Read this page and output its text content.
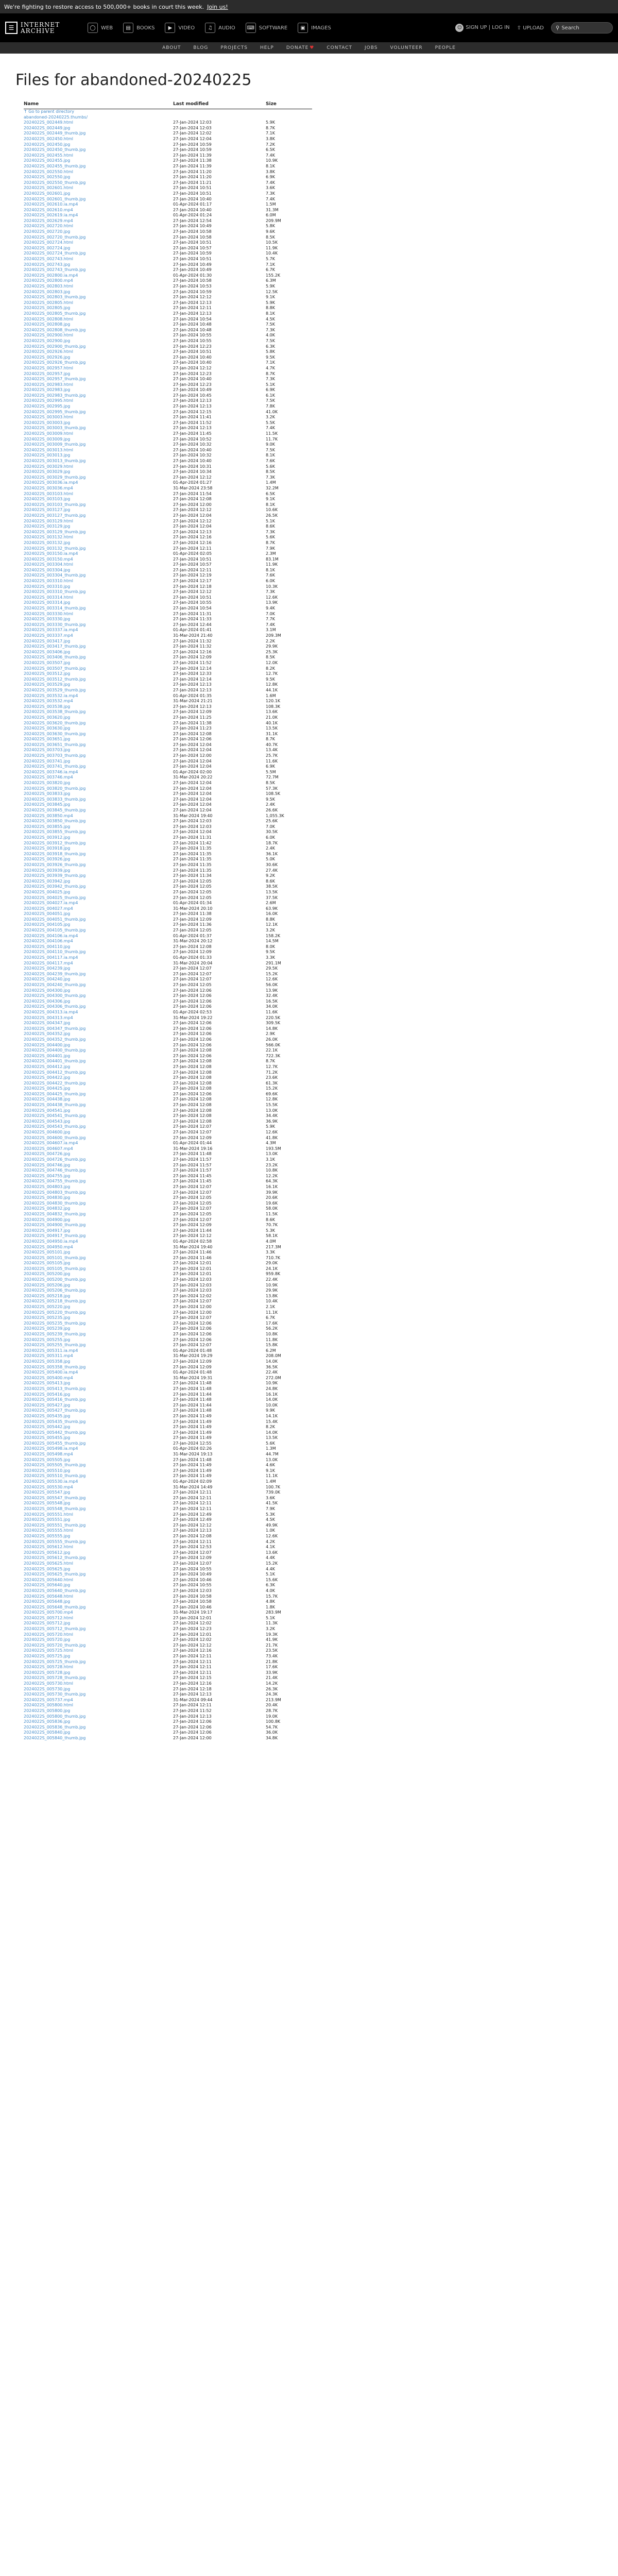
We're fighting to restore access to 500,000+ books in court this week. Join us!
☰	INTERNET
ARCHIVE	◯	WEB	▤	BOOKS	▶	VIDEO	♫	AUDIO ⌨ SOFTWARE	▣	IMAGES	☺ SIGN UP | LOG IN ⇧ UPLOAD ⚲ Search
ABOUT	BLOG	PROJECTS	HELP	DONATE ♥	CONTACT	JOBS	VOLUNTEER	PEOPLE
Files for abandoned-20240225
Name	Last modified	Size
↑ Go to parent directory		
abandoned-20240225.thumbs/		
2024022S_002449.html	27-Jan-2024 12:03	5.9K
2024022S_002449.jpg	27-Jan-2024 12:03	8.7K
2024022S_002449_thumb.jpg	27-Jan-2024 12:02	7.1K
2024022S_002450.html	27-Jan-2024 12:04	3.8K
2024022S_002450.jpg	27-Jan-2024 10:59	7.2K
2024022S_002450_thumb.jpg	27-Jan-2024 10:59	6.5K
2024022S_002455.html	27-Jan-2024 11:39	7.4K
2024022S_002455.jpg	27-Jan-2024 11:38	10.9K
2024022S_002455_thumb.jpg	27-Jan-2024 11:39	8.1K
2024022S_002550.html	27-Jan-2024 11:20	3.8K
2024022S_002550.jpg	27-Jan-2024 11:20	6.9K
2024022S_002550_thumb.jpg	27-Jan-2024 11:21	7.4K
2024022S_002601.html	27-Jan-2024 10:51	3.6K
2024022S_002601.jpg	27-Jan-2024 10:51	7.3K
2024022S_002601_thumb.jpg	27-Jan-2024 10:40	7.4K
2024022S_002610.ia.mp4	01-Apr-2024 01:17	1.5M
2024022S_002610.mp4	27-Jan-2024 10:40	31.3M
2024022S_002619.ia.mp4	01-Apr-2024 01:24	6.0M
2024022S_002629.mp4	27-Jan-2024 12:54	209.9M
2024022S_002720.html	27-Jan-2024 10:49	5.8K
2024022S_002720.jpg	27-Jan-2024 10:58	9.6K
2024022S_002720_thumb.jpg	27-Jan-2024 10:58	8.5K
2024022S_002724.html	27-Jan-2024 10:51	10.5K
2024022S_002724.jpg	27-Jan-2024 10:57	11.9K
2024022S_002724_thumb.jpg	27-Jan-2024 10:59	10.4K
2024022S_002743.html	27-Jan-2024 10:51	5.7K
2024022S_002743.jpg	27-Jan-2024 10:49	7.1K
2024022S_002743_thumb.jpg	27-Jan-2024 10:49	6.7K
2024022S_002800.ia.mp4	01-Apr-2024 01:30	155.2K
2024022S_002800.mp4	27-Jan-2024 10:58	6.3M
2024022S_002803.html	27-Jan-2024 10:53	5.9K
2024022S_002803.jpg	27-Jan-2024 10:59	12.5K
2024022S_002803_thumb.jpg	27-Jan-2024 12:12	9.1K
2024022S_002805.html	27-Jan-2024 12:13	5.9K
2024022S_002805.jpg	27-Jan-2024 12:11	8.8K
2024022S_002805_thumb.jpg	27-Jan-2024 12:13	8.1K
2024022S_002808.html	27-Jan-2024 10:54	4.5K
2024022S_002808.jpg	27-Jan-2024 10:48	7.5K
2024022S_002808_thumb.jpg	27-Jan-2024 10:48	7.3K
2024022S_002900.html	27-Jan-2024 10:55	4.0K
2024022S_002900.jpg	27-Jan-2024 10:55	7.5K
2024022S_002900_thumb.jpg	27-Jan-2024 12:23	6.3K
2024022S_002926.html	27-Jan-2024 10:51	5.8K
2024022S_002926.jpg	27-Jan-2024 10:40	9.5K
2024022S_002926_thumb.jpg	27-Jan-2024 10:40	7.1K
2024022S_002957.html	27-Jan-2024 12:12	4.7K
2024022S_002957.jpg	27-Jan-2024 12:23	8.7K
2024022S_002957_thumb.jpg	27-Jan-2024 10:40	7.3K
2024022S_002983.html	27-Jan-2024 12:23	5.1K
2024022S_002983.jpg	27-Jan-2024 10:49	6.9K
2024022S_002983_thumb.jpg	27-Jan-2024 10:45	6.1K
2024022S_002995.html	27-Jan-2024 12:13	7.5K
2024022S_002995.jpg	27-Jan-2024 12:13	7.8K
2024022S_002995_thumb.jpg	27-Jan-2024 12:15	41.0K
2024022S_003003.html	27-Jan-2024 11:41	3.2K
2024022S_003003.jpg	27-Jan-2024 11:52	5.5K
2024022S_003003_thumb.jpg	27-Jan-2024 12:13	7.4K
2024022S_003009.html	27-Jan-2024 11:45	11.5K
2024022S_003009.jpg	27-Jan-2024 10:52	11.7K
2024022S_003009_thumb.jpg	27-Jan-2024 10:32	9.0K
2024022S_003013.html	27-Jan-2024 10:40	7.5K
2024022S_003013.jpg	27-Jan-2024 10:32	8.1K
2024022S_003013_thumb.jpg	27-Jan-2024 10:40	7.6K
2024022S_003029.html	27-Jan-2024 10:31	5.6K
2024022S_003029.jpg	27-Jan-2024 10:34	8.5K
2024022S_003029_thumb.jpg	27-Jan-2024 12:12	7.3K
2024022S_003036.ia.mp4	01-Apr-2024 01:27	1.4M
2024022S_003036.mp4	31-Mar-2024 23:58	32.2M
2024022S_003103.html	27-Jan-2024 11:54	6.5K
2024022S_003103.jpg	27-Jan-2024 12:08	9.1K
2024022S_003103_thumb.jpg	27-Jan-2024 12:00	8.1K
2024022S_003127.jpg	27-Jan-2024 12:12	10.6K
2024022S_003127_thumb.jpg	27-Jan-2024 12:04	26.5K
2024022S_003129.html	27-Jan-2024 12:12	5.1K
2024022S_003129.jpg	27-Jan-2024 12:04	8.6K
2024022S_003129_thumb.jpg	27-Jan-2024 12:13	7.3K
2024022S_003132.html	27-Jan-2024 12:16	5.6K
2024022S_003132.jpg	27-Jan-2024 12:16	8.7K
2024022S_003132_thumb.jpg	27-Jan-2024 12:11	7.9K
2024022S_003150.ia.mp4	01-Apr-2024 02:05	2.3M
2024022S_003150.mp4	27-Jan-2024 10:51	83.1M
2024022S_003304.html	27-Jan-2024 10:57	11.9K
2024022S_003304.jpg	27-Jan-2024 12:11	8.1K
2024022S_003304_thumb.jpg	27-Jan-2024 12:19	7.6K
2024022S_003310.html	27-Jan-2024 12:17	6.0K
2024022S_003310.jpg	27-Jan-2024 12:18	10.3K
2024022S_003310_thumb.jpg	27-Jan-2024 12:12	7.3K
2024022S_003314.html	27-Jan-2024 10:51	12.6K
2024022S_003314.jpg	27-Jan-2024 10:55	13.9K
2024022S_003314_thumb.jpg	27-Jan-2024 10:54	9.4K
2024022S_003330.html	27-Jan-2024 11:31	7.0K
2024022S_003330.jpg	27-Jan-2024 11:33	7.7K
2024022S_003330_thumb.jpg	27-Jan-2024 12:44	7.4K
2024022S_003337.ia.mp4	01-Apr-2024 01:41	3.1M
2024022S_003337.mp4	31-Mar-2024 21:40	209.3M
2024022S_003417.jpg	27-Jan-2024 11:32	2.2K
2024022S_003417_thumb.jpg	27-Jan-2024 11:32	29.9K
2024022S_003406.jpg	27-Jan-2024 12:16	25.3K
2024022S_003406_thumb.jpg	27-Jan-2024 12:09	8.5K
2024022S_003507.jpg	27-Jan-2024 11:52	12.0K
2024022S_003507_thumb.jpg	27-Jan-2024 12:14	8.2K
2024022S_003512.jpg	27-Jan-2024 12:33	12.7K
2024022S_003512_thumb.jpg	27-Jan-2024 12:14	9.5K
2024022S_003529.jpg	27-Jan-2024 12:13	12.8K
2024022S_003529_thumb.jpg	27-Jan-2024 12:13	44.1K
2024022S_003532.ia.mp4	01-Apr-2024 01:35	1.6M
2024022S_003532.mp4	31-Mar-2024 21:21	120.1K
2024022S_003538.jpg	27-Jan-2024 12:13	108.3K
2024022S_003538_thumb.jpg	27-Jan-2024 12:09	13.6K
2024022S_003620.jpg	27-Jan-2024 11:25	21.0K
2024022S_003620_thumb.jpg	27-Jan-2024 11:38	40.1K
2024022S_003630.jpg	27-Jan-2024 11:23	13.5K
2024022S_003630_thumb.jpg	27-Jan-2024 12:08	31.1K
2024022S_003651.jpg	27-Jan-2024 12:06	8.7K
2024022S_003651_thumb.jpg	27-Jan-2024 12:04	40.7K
2024022S_003703.jpg	27-Jan-2024 12:04	13.4K
2024022S_003703_thumb.jpg	27-Jan-2024 12:00	25.7K
2024022S_003741.jpg	27-Jan-2024 12:04	11.6K
2024022S_003741_thumb.jpg	27-Jan-2024 12:04	6.9K
2024022S_003746.ia.mp4	01-Apr-2024 02:00	5.5M
2024022S_003746.mp4	31-Mar-2024 20:22	72.7M
2024022S_003820.jpg	27-Jan-2024 12:04	8.5K
2024022S_003820_thumb.jpg	27-Jan-2024 12:04	57.3K
2024022S_003833.jpg	27-Jan-2024 12:04	108.5K
2024022S_003833_thumb.jpg	27-Jan-2024 12:04	9.5K
2024022S_003845.jpg	27-Jan-2024 12:04	2.4K
2024022S_003845_thumb.jpg	27-Jan-2024 12:04	26.6K
2024022S_003850.mp4	31-Mar-2024 19:40	1,055.3K
2024022S_003850_thumb.jpg	27-Jan-2024 12:03	25.6K
2024022S_003855.jpg	27-Jan-2024 12:03	7.0K
2024022S_003855_thumb.jpg	27-Jan-2024 12:04	30.5K
2024022S_003912.jpg	27-Jan-2024 11:31	6.0K
2024022S_003912_thumb.jpg	27-Jan-2024 11:42	18.7K
2024022S_003918.jpg	27-Jan-2024 11:35	2.4K
2024022S_003918_thumb.jpg	27-Jan-2024 11:35	36.1K
2024022S_003926.jpg	27-Jan-2024 11:35	5.0K
2024022S_003926_thumb.jpg	27-Jan-2024 11:35	30.6K
2024022S_003939.jpg	27-Jan-2024 11:35	27.4K
2024022S_003939_thumb.jpg	27-Jan-2024 11:34	9.2K
2024022S_003942.jpg	27-Jan-2024 12:05	8.6K
2024022S_003942_thumb.jpg	27-Jan-2024 12:05	38.5K
2024022S_004025.jpg	27-Jan-2024 12:05	13.5K
2024022S_004025_thumb.jpg	27-Jan-2024 12:05	37.5K
2024022S_004027.ia.mp4	01-Apr-2024 01:34	2.6M
2024022S_004027.mp4	31-Mar-2024 20:10	63.9K
2024022S_004051.jpg	27-Jan-2024 11:38	16.0K
2024022S_004051_thumb.jpg	27-Jan-2024 12:09	8.8K
2024022S_004105.jpg	27-Jan-2024 11:36	12.1K
2024022S_004105_thumb.jpg	27-Jan-2024 12:05	3.2K
2024022S_004106.ia.mp4	01-Apr-2024 01:37	158.2K
2024022S_004106.mp4	31-Mar-2024 20:12	14.5M
2024022S_004110.jpg	27-Jan-2024 12:08	8.0K
2024022S_004110_thumb.jpg	27-Jan-2024 12:09	9.5K
2024022S_004117.ia.mp4	01-Apr-2024 01:33	3.3K
2024022S_004117.mp4	31-Mar-2024 20:04	291.1M
2024022S_004239.jpg	27-Jan-2024 12:07	29.5K
2024022S_004239_thumb.jpg	27-Jan-2024 12:07	15.2K
2024022S_004240.jpg	27-Jan-2024 12:07	12.6K
2024022S_004240_thumb.jpg	27-Jan-2024 12:05	56.0K
2024022S_004300.jpg	27-Jan-2024 12:06	13.9K
2024022S_004300_thumb.jpg	27-Jan-2024 12:06	32.4K
2024022S_004306.jpg	27-Jan-2024 12:06	16.5K
2024022S_004306_thumb.jpg	27-Jan-2024 12:06	34.0K
2024022S_004313.ia.mp4	01-Apr-2024 02:53	11.6K
2024022S_004313.mp4	31-Mar-2024 19:22	220.5K
2024022S_004347.jpg	27-Jan-2024 12:06	309.5K
2024022S_004347_thumb.jpg	27-Jan-2024 12:06	14.8K
2024022S_004352.jpg	27-Jan-2024 12:06	2.9K
2024022S_004352_thumb.jpg	27-Jan-2024 12:06	26.0K
2024022S_004400.jpg	27-Jan-2024 12:06	566.0K
2024022S_004400_thumb.jpg	27-Jan-2024 12:08	22.1K
2024022S_004401.jpg	27-Jan-2024 12:06	722.3K
2024022S_004401_thumb.jpg	27-Jan-2024 12:08	8.7K
2024022S_004412.jpg	27-Jan-2024 12:08	12.7K
2024022S_004412_thumb.jpg	27-Jan-2024 12:08	71.2K
2024022S_004422.jpg	27-Jan-2024 12:08	23.6K
2024022S_004422_thumb.jpg	27-Jan-2024 12:08	61.3K
2024022S_004425.jpg	27-Jan-2024 12:08	15.2K
2024022S_004425_thumb.jpg	27-Jan-2024 12:06	69.6K
2024022S_004438.jpg	27-Jan-2024 12:08	12.8K
2024022S_004438_thumb.jpg	27-Jan-2024 12:08	15.5K
2024022S_004541.jpg	27-Jan-2024 12:08	13.0K
2024022S_004541_thumb.jpg	27-Jan-2024 12:08	34.4K
2024022S_004543.jpg	27-Jan-2024 12:08	36.9K
2024022S_004543_thumb.jpg	27-Jan-2024 12:07	5.9K
2024022S_004600.jpg	27-Jan-2024 12:07	12.6K
2024022S_004600_thumb.jpg	27-Jan-2024 12:09	41.8K
2024022S_004607.ia.mp4	01-Apr-2024 01:44	4.3M
2024022S_004607.mp4	31-Mar-2024 19:16	193.5M
2024022S_004726.jpg	27-Jan-2024 11:48	13.0K
2024022S_004726_thumb.jpg	27-Jan-2024 11:57	3.1K
2024022S_004746.jpg	27-Jan-2024 11:57	23.2K
2024022S_004746_thumb.jpg	27-Jan-2024 11:57	10.8K
2024022S_004755.jpg	27-Jan-2024 11:45	12.2K
2024022S_004755_thumb.jpg	27-Jan-2024 11:45	64.3K
2024022S_004803.jpg	27-Jan-2024 12:07	16.1K
2024022S_004803_thumb.jpg	27-Jan-2024 12:07	39.9K
2024022S_004830.jpg	27-Jan-2024 12:05	20.6K
2024022S_004830_thumb.jpg	27-Jan-2024 12:05	19.6K
2024022S_004832.jpg	27-Jan-2024 12:07	58.0K
2024022S_004832_thumb.jpg	27-Jan-2024 12:05	11.5K
2024022S_004900.jpg	27-Jan-2024 12:07	8.6K
2024022S_004900_thumb.jpg	27-Jan-2024 12:09	70.7K
2024022S_004917.jpg	27-Jan-2024 11:44	5.3K
2024022S_004917_thumb.jpg	27-Jan-2024 12:12	58.1K
2024022S_004950.ia.mp4	01-Apr-2024 02:58	4.0M
2024022S_004950.mp4	31-Mar-2024 19:40	217.3M
2024022S_005101.jpg	27-Jan-2024 11:46	3.3K
2024022S_005101_thumb.jpg	27-Jan-2024 11:46	710.7K
2024022S_005105.jpg	27-Jan-2024 12:01	29.0K
2024022S_005105_thumb.jpg	27-Jan-2024 12:01	24.1K
2024022S_005200.jpg	27-Jan-2024 12:01	959.8K
2024022S_005200_thumb.jpg	27-Jan-2024 12:03	22.4K
2024022S_005206.jpg	27-Jan-2024 12:03	10.9K
2024022S_005206_thumb.jpg	27-Jan-2024 12:03	29.9K
2024022S_005218.jpg	27-Jan-2024 12:02	13.8K
2024022S_005218_thumb.jpg	27-Jan-2024 12:07	10.4K
2024022S_005220.jpg	27-Jan-2024 12:00	2.1K
2024022S_005220_thumb.jpg	27-Jan-2024 12:00	11.1K
2024022S_005235.jpg	27-Jan-2024 12:07	6.7K
2024022S_005235_thumb.jpg	27-Jan-2024 12:06	17.6K
2024022S_005239.jpg	27-Jan-2024 12:06	56.2K
2024022S_005239_thumb.jpg	27-Jan-2024 12:06	10.8K
2024022S_005255.jpg	27-Jan-2024 12:06	11.8K
2024022S_005255_thumb.jpg	27-Jan-2024 12:07	15.8K
2024022S_005311.ia.mp4	01-Apr-2024 01:48	6.2M
2024022S_005311.mp4	31-Mar-2024 19:29	208.0M
2024022S_005358.jpg	27-Jan-2024 12:09	14.0K
2024022S_005358_thumb.jpg	27-Jan-2024 12:09	36.5K
2024022S_005400.ia.mp4	01-Apr-2024 01:48	22.4K
2024022S_005400.mp4	31-Mar-2024 19:31	272.0M
2024022S_005413.jpg	27-Jan-2024 11:48	10.9K
2024022S_005413_thumb.jpg	27-Jan-2024 11:48	24.8K
2024022S_005416.jpg	27-Jan-2024 11:44	16.1K
2024022S_005416_thumb.jpg	27-Jan-2024 11:48	14.0K
2024022S_005427.jpg	27-Jan-2024 11:44	10.0K
2024022S_005427_thumb.jpg	27-Jan-2024 11:48	9.9K
2024022S_005435.jpg	27-Jan-2024 11:49	14.1K
2024022S_005435_thumb.jpg	27-Jan-2024 11:49	15.4K
2024022S_005442.jpg	27-Jan-2024 11:49	8.2K
2024022S_005442_thumb.jpg	27-Jan-2024 11:49	14.0K
2024022S_005455.jpg	27-Jan-2024 11:49	13.5K
2024022S_005455_thumb.jpg	27-Jan-2024 12:55	5.6K
2024022S_005498.ia.mp4	01-Apr-2024 02:26	1.3M
2024022S_005498.mp4	31-Mar-2024 19:13	44.7M
2024022S_005505.jpg	27-Jan-2024 11:48	13.0K
2024022S_005505_thumb.jpg	27-Jan-2024 11:49	4.6K
2024022S_005510.jpg	27-Jan-2024 11:49	9.1K
2024022S_005510_thumb.jpg	27-Jan-2024 11:49	11.1K
2024022S_005530.ia.mp4	01-Apr-2024 02:09	1.4M
2024022S_005530.mp4	31-Mar-2024 14:49	100.7K
2024022S_005547.jpg	27-Jan-2024 12:11	739.0K
2024022S_005547_thumb.jpg	27-Jan-2024 12:11	3.6K
2024022S_005548.jpg	27-Jan-2024 12:11	41.5K
2024022S_005548_thumb.jpg	27-Jan-2024 12:11	7.9K
2024022S_005551.html	27-Jan-2024 12:49	5.3K
2024022S_005551.jpg	27-Jan-2024 12:49	4.5K
2024022S_005551_thumb.jpg	27-Jan-2024 12:12	49.9K
2024022S_005555.html	27-Jan-2024 12:13	1.0K
2024022S_005555.jpg	27-Jan-2024 12:08	12.6K
2024022S_005555_thumb.jpg	27-Jan-2024 12:11	4.2K
2024022S_005612.html	27-Jan-2024 12:53	4.1K
2024022S_005612.jpg	27-Jan-2024 12:07	13.6K
2024022S_005612_thumb.jpg	27-Jan-2024 12:09	4.4K
2024022S_005625.html	27-Jan-2024 12:07	15.2K
2024022S_005625.jpg	27-Jan-2024 10:55	4.4K
2024022S_005625_thumb.jpg	27-Jan-2024 10:49	5.1K
2024022S_005640.html	27-Jan-2024 10:46	15.6K
2024022S_005640.jpg	27-Jan-2024 10:55	6.3K
2024022S_005640_thumb.jpg	27-Jan-2024 12:03	4.0K
2024022S_005648.html	27-Jan-2024 10:58	15.7K
2024022S_005648.jpg	27-Jan-2024 10:58	4.8K
2024022S_005648_thumb.jpg	27-Jan-2024 10:46	1.8K
2024022S_005700.mp4	31-Mar-2024 19:17	283.9M
2024022S_005712.html	27-Jan-2024 12:01	5.1K
2024022S_005712.jpg	27-Jan-2024 12:02	11.3K
2024022S_005712_thumb.jpg	27-Jan-2024 12:23	3.2K
2024022S_005720.html	27-Jan-2024 12:01	19.3K
2024022S_005720.jpg	27-Jan-2024 12:02	41.9K
2024022S_005720_thumb.jpg	27-Jan-2024 12:12	21.7K
2024022S_005725.html	27-Jan-2024 12:16	23.5K
2024022S_005725.jpg	27-Jan-2024 12:11	73.4K
2024022S_005725_thumb.jpg	27-Jan-2024 12:11	21.8K
2024022S_005728.html	27-Jan-2024 12:11	17.6K
2024022S_005728.jpg	27-Jan-2024 12:11	33.9K
2024022S_005728_thumb.jpg	27-Jan-2024 12:15	21.4K
2024022S_005730.html	27-Jan-2024 12:16	14.2K
2024022S_005730.jpg	27-Jan-2024 12:18	26.3K
2024022S_005730_thumb.jpg	27-Jan-2024 12:13	24.3K
2024022S_005737.mp4	31-Mar-2024 09:44	213.9M
2024022S_005800.html	27-Jan-2024 12:11	20.4K
2024022S_005800.jpg	27-Jan-2024 11:52	28.7K
2024022S_005800_thumb.jpg	27-Jan-2024 12:13	19.0K
2024022S_005836.jpg	27-Jan-2024 12:06	100.8K
2024022S_005836_thumb.jpg	27-Jan-2024 12:06	54.7K
2024022S_005840.jpg	27-Jan-2024 12:06	36.0K
2024022S_005840_thumb.jpg	27-Jan-2024 12:00	34.8K
